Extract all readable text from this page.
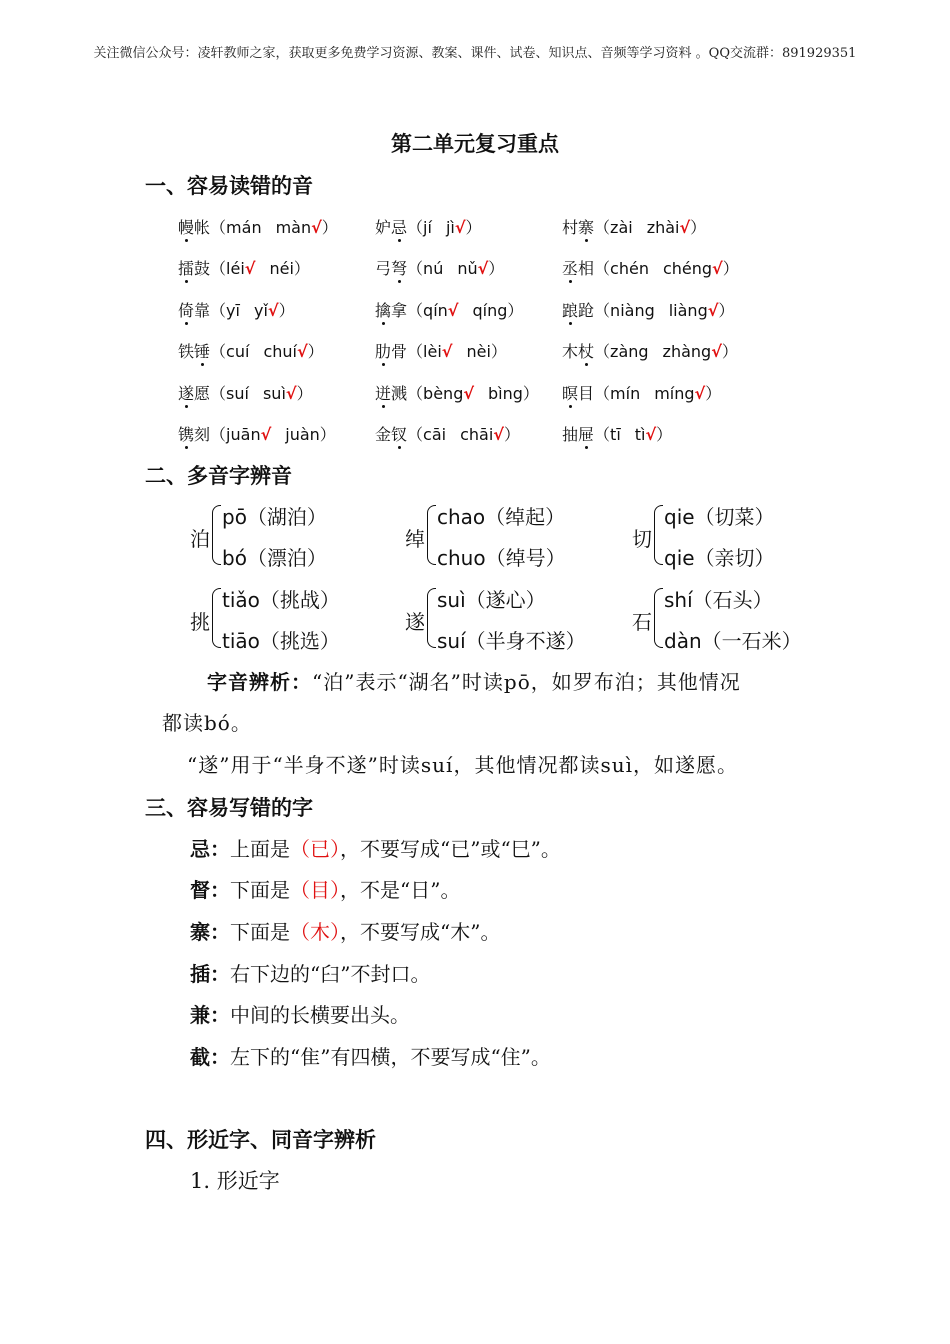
关注微信公众号：凌轩教师之家，获取更多免费学习资源、教案、课件、试卷、知识点、音频等学习资料 。QQ交流群：891929351
第二单元复习重点
一、容易读错的音
幔帐（mán màn√） 妒忌（jí jì√）	村寨（zài zhài√）
擂鼓（léi√ néi）	弓弩（nú nǔ√）	丞相（chén chéng√）
倚靠（yī yǐ√）	擒拿（qín√ qíng） 踉跄（niàng liàng√）
铁锤（cuí chuí√）	肋骨（lèi√ nèi）	木杖（zàng zhàng√）
遂愿（suí suì√）	迸溅（bèng√ bìng） 暝目（mín míng√）
镌刻（juān√ juàn） 金钗（cāi chāi√）	抽屉（tī tì√）
二、多音字辨音
泊
pō（湖泊）
bó（漂泊）
绰
chao（绰起）
chuo（绰号）
切
qie（切菜）
qie（亲切）
挑
tiǎo（挑战）
tiāo（挑选）
遂
suì（遂心）
suí（半身不遂）
石
shí（石头）
dàn（一石米）
字音辨析：“泊”表示“湖名”时读pō，如罗布泊；其他情况
都读bó。
“遂”用于“半身不遂”时读suí，其他情况都读suì，如遂愿。
三、容易写错的字
忌：上面是（已），不要写成“已”或“巳”。
督：下面是（目），不是“日”。
寨：下面是（木），不要写成“木”。
插：右下边的“臼”不封口。
兼：中间的长横要出头。
截：左下的“隹”有四横，不要写成“住”。
四、形近字、同音字辨析
1. 形近字
